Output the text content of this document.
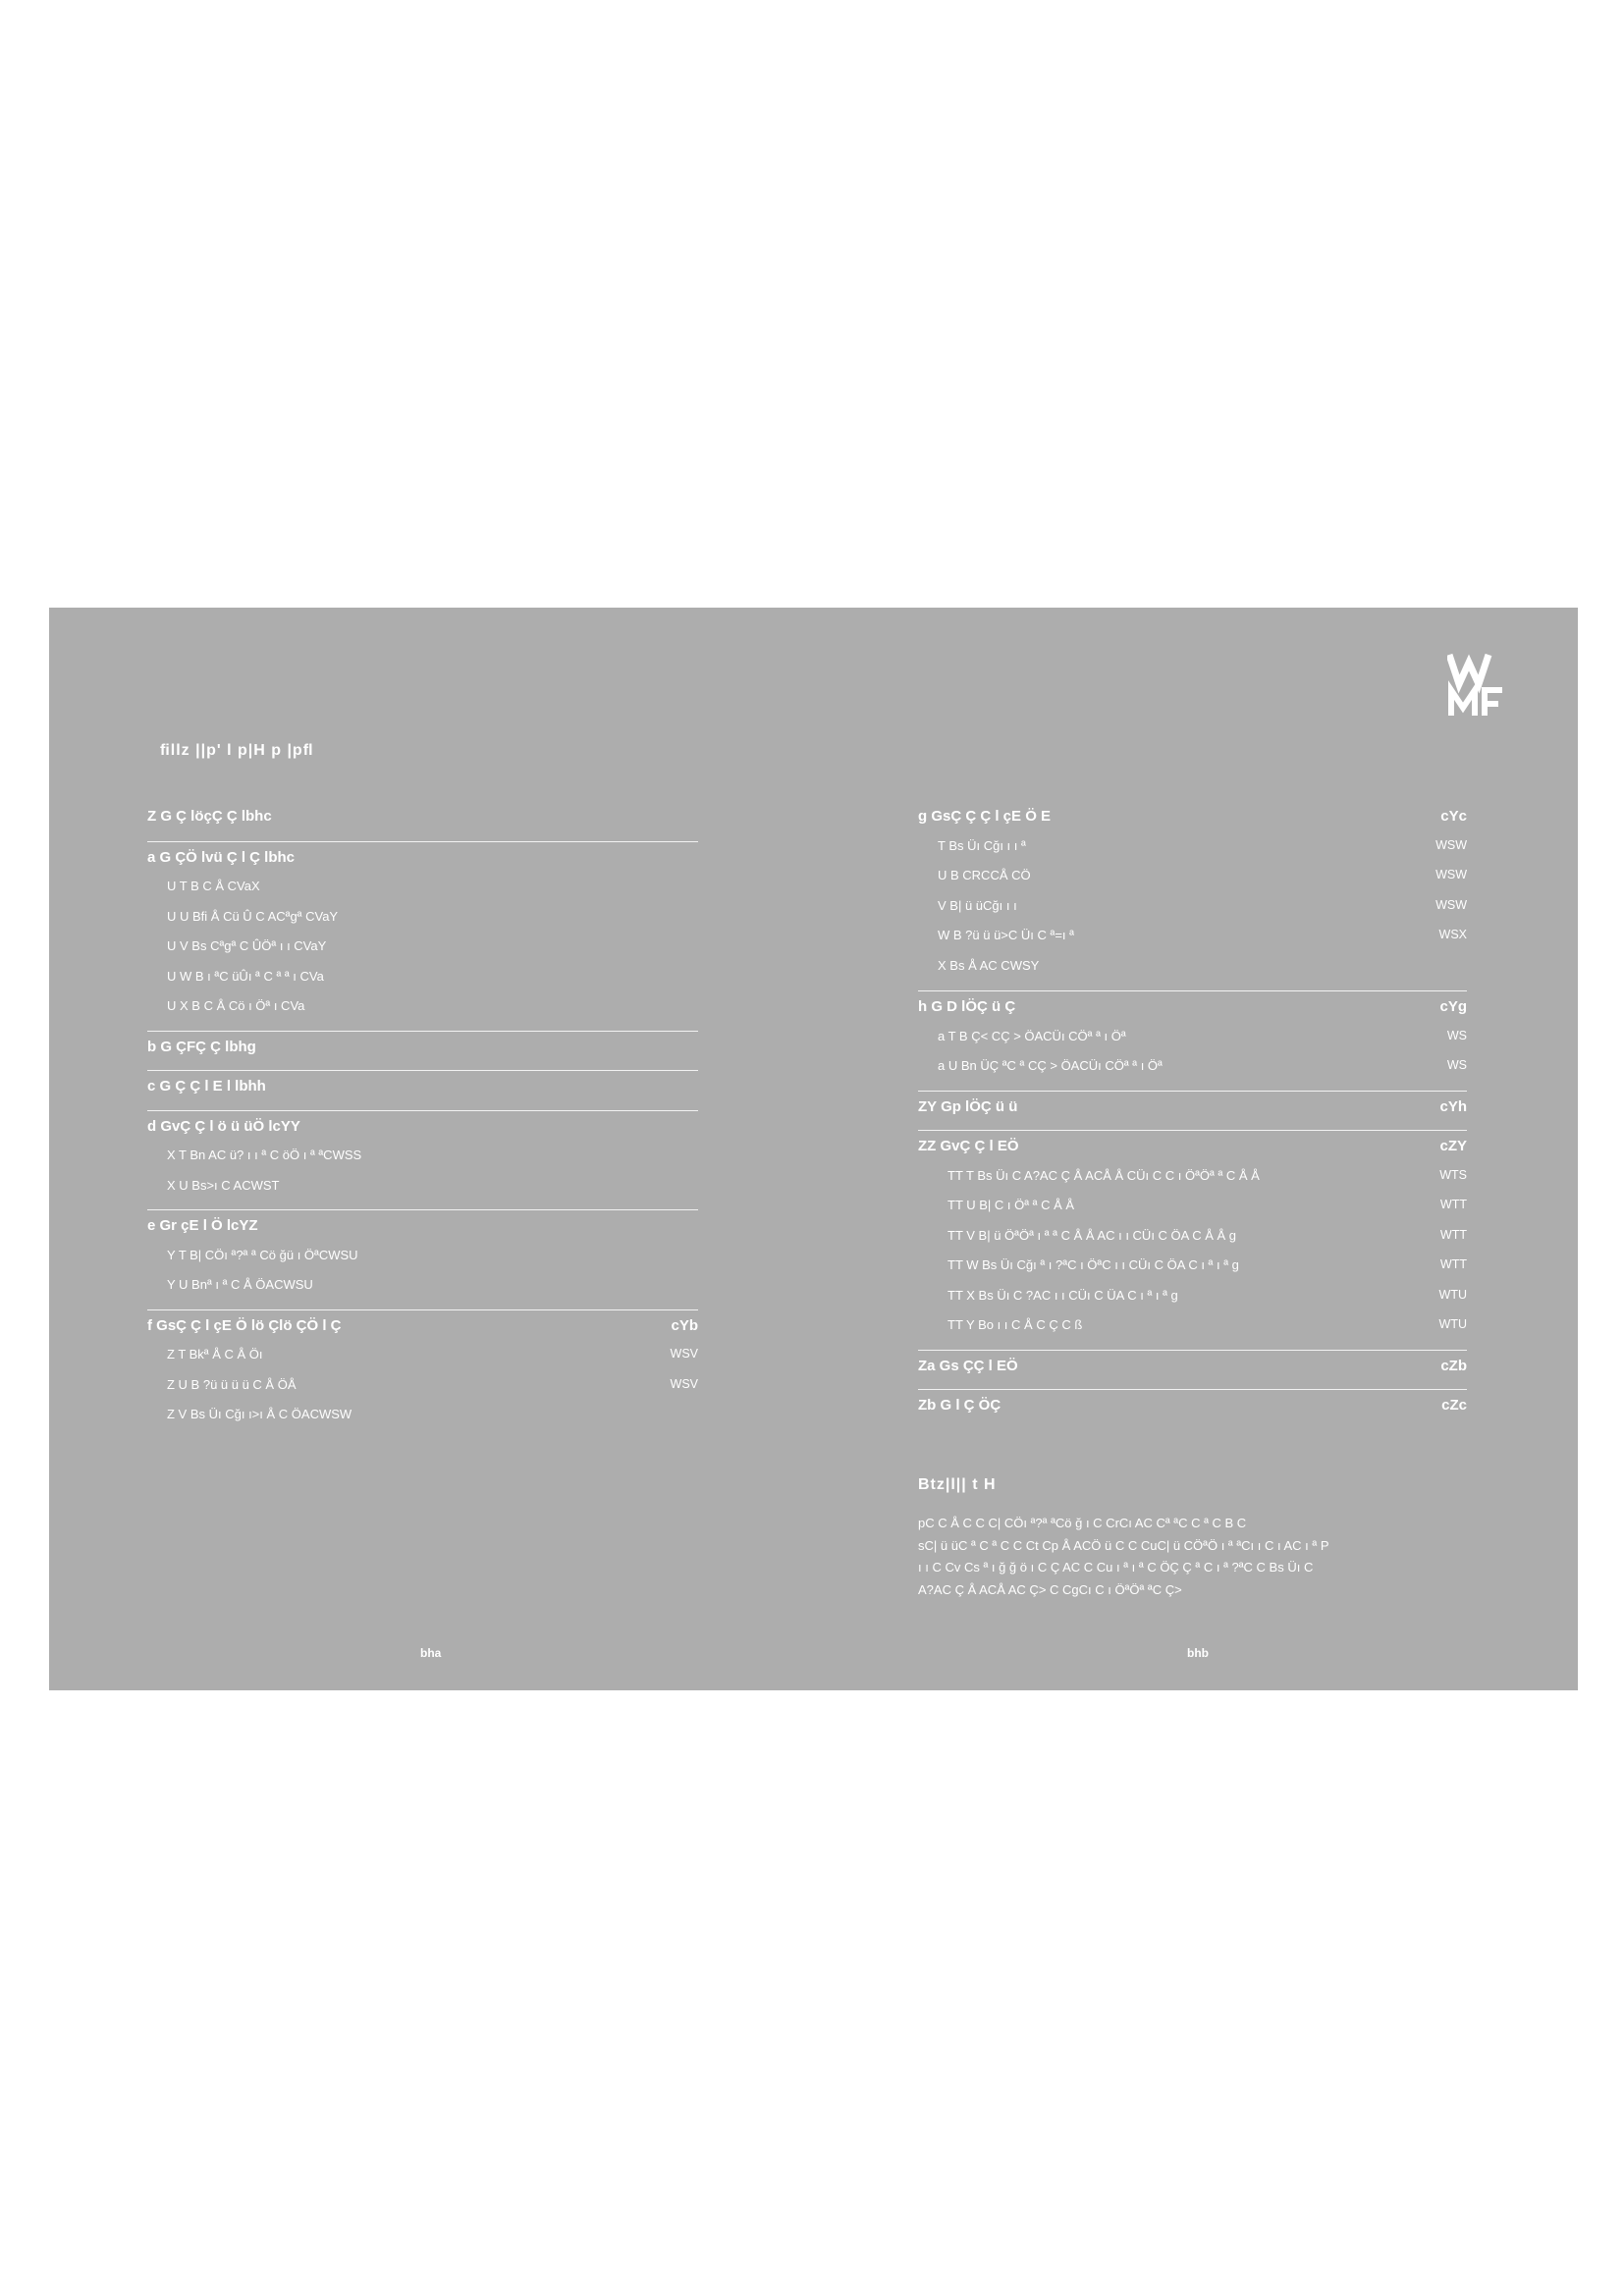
ﬁllz ||p' l p|H p |pﬂ
Z G Ç löçÇ Ç lbhc
a G ÇÖ lvü Ç l Ç lbhc
U T B C Å CVaX
U U Bﬁ Å Cü Û C ACªgª CVaY
U V Bs Cªgª C ÛÖª ı ı CVaY
U W B ı ªC üÛı ª C ª ª ı CVa
U X B C Å Cö ı Öª ı CVa
b G ÇFÇ Ç lbhg
c G Ç Ç l E l lbhh
d GvÇ Ç l ö ü üÖ lcYY
X T Bn AC ü? ı ı ª C öÖ ı ª ªCWSS
X U Bs>ı C ACWST
e Gr çE l Ö lcYZ
Y T B| CÖı ª?ª ª Cö ğü ı ÖªCWSU
Y U Bnª ı ª C Å ÖACWSU
f GsÇ Ç l çE Ö lö Çlö ÇÖ l Ç	cYb
Z T Bkª Å C Å Öı	WSV
Z U B ?ü ü ü ü C Å ÖÅ	WSV
Z V Bs Üı Cğı ı>ı Å C ÖACWSW
bha
g GsÇ Ç Ç l çE Ö E	cYc
T Bs Üı Cğı ı ı ª	WSW
U B CRCCÅ CÖ	WSW
V B| ü üCğı ı ı	WSW
W B ?ü ü ü>C Üı C ª=ı ª	WSX
X Bs Å AC CWSY
h G D lÖÇ ü Ç	cYg
a T B Ç< CÇ > ÖACÜı CÖª ª ı Öª	WS
a U Bn ÜÇ ªC ª CÇ > ÖACÜı CÖª ª ı Öª	WS
ZY Gp lÖÇ ü ü	cYh
ZZ GvÇ Ç l EÖ	cZY
TT T Bs Üı C A?AC Ç Å ACÅ Å CÜı C C ı ÖªÖª ª C Å Å	WTS
TT U B| C ı Öª ª C Å Å	WTT
TT V B| ü ÖªÖª ı ª ª C Å Å AC ı ı CÜı C ÖA C Å Å g	WTT
TT W Bs Üı Cğı ª ı ?ªC ı ÖªC ı ı CÜı C ÖA C ı ª ı ª g	WTT
TT X Bs Üı C ?AC ı ı CÜı C ÜA C ı ª ı ª g	WTU
TT Y Bo ı ı C Å C Ç C ß	WTU
Za Gs ÇÇ l EÖ	cZb
Zb G l Ç ÖÇ	cZc
Btz|l|| t H
pC C Å C C C| CÖı ª?ª ªCö ğ ı C CrCı AC Cª ªC C ª C B C
sC| ü üC ª C ª C C Ct Cp Å ACÖ ü C C CuC| ü CÖªÖ ı ª ªCı ı C ı AC ı ª P
ı ı C Cv Cs ª ı ğ ğ ö ı C Ç AC C Cu ı ª ı ª C ÖÇ Ç ª C ı ª ?ªC C Bs Üı C
A?AC Ç Å ACÅ AC Ç> C CgCı C ı ÖªÖª ªC Ç>
bhb
